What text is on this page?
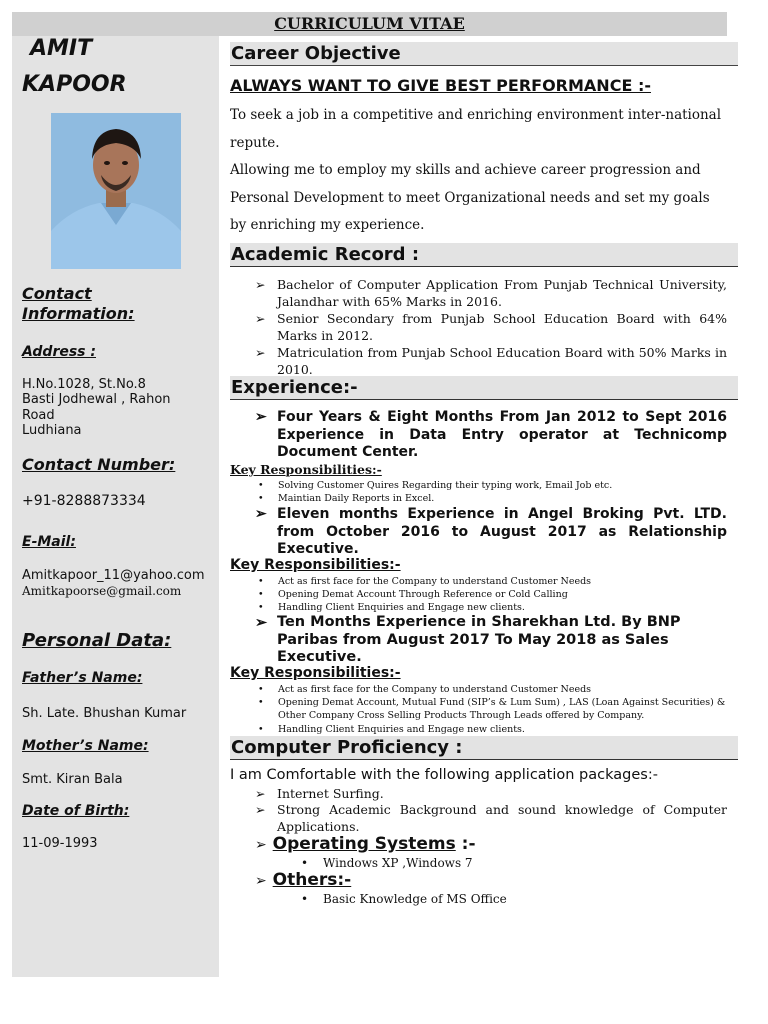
CURRICULUM VITAE
AMIT
KAPOOR
Contact
Information:
Address :
H.No.1028, St.No.8
Basti Jodhewal , Rahon
Road
Ludhiana
Contact Number:
+91-8288873334
E-Mail:
Amitkapoor_11@yahoo.com
Amitkapoorse@gmail.com
Personal Data:
Father’s Name:
Sh. Late. Bhushan Kumar
Mother’s Name:
Smt. Kiran Bala
Date of Birth:
11-09-1993
Career Objective
ALWAYS WANT TO GIVE BEST PERFORMANCE :-

To seek a job in a competitive and enriching environment inter-national repute.

Allowing me to employ my skills and achieve career progression and Personal Development to meet Organizational needs and set my goals by enriching my experience.

Academic Record :
➢ Bachelor of Computer Application From Punjab Technical University, Jalandhar with 65% Marks in 2016.
➢ Senior Secondary from Punjab School Education Board with 64% Marks in 2012.
➢ Matriculation from Punjab School Education Board with 50% Marks in 2010.
Experience:-
➢ Four Years & Eight Months From Jan 2012 to Sept 2016 Experience in Data Entry operator at Technicomp Document Center.
Key Responsibilities:-
• Solving Customer Quires Regarding their typing work, Email Job etc.
• Maintian Daily Reports in Excel.
➢ Eleven months Experience in Angel Broking Pvt. LTD. from October 2016 to August 2017 as Relationship Executive.
Key Responsibilities:-
• Act as first face for the Company to understand Customer Needs
• Opening Demat Account Through Reference or Cold Calling
• Handling Client Enquiries and Engage new clients.
➢ Ten Months Experience in Sharekhan Ltd. By BNP Paribas from August 2017 To May 2018 as Sales Executive.
Key Responsibilities:-
• Act as first face for the Company to understand Customer Needs
• Opening Demat Account, Mutual Fund (SIP’s & Lum Sum) , LAS (Loan Against Securities) & Other Company Cross Selling Products Through Leads offered by Company.
• Handling Client Enquiries and Engage new clients.
Computer Proficiency :
I am Comfortable with the following application packages:-
➢ Internet Surfing.
➢ Strong Academic Background and sound knowledge of Computer Applications.
➢ Operating Systems :-
• Windows XP ,Windows 7
➢ Others:-
• Basic Knowledge of MS Office
